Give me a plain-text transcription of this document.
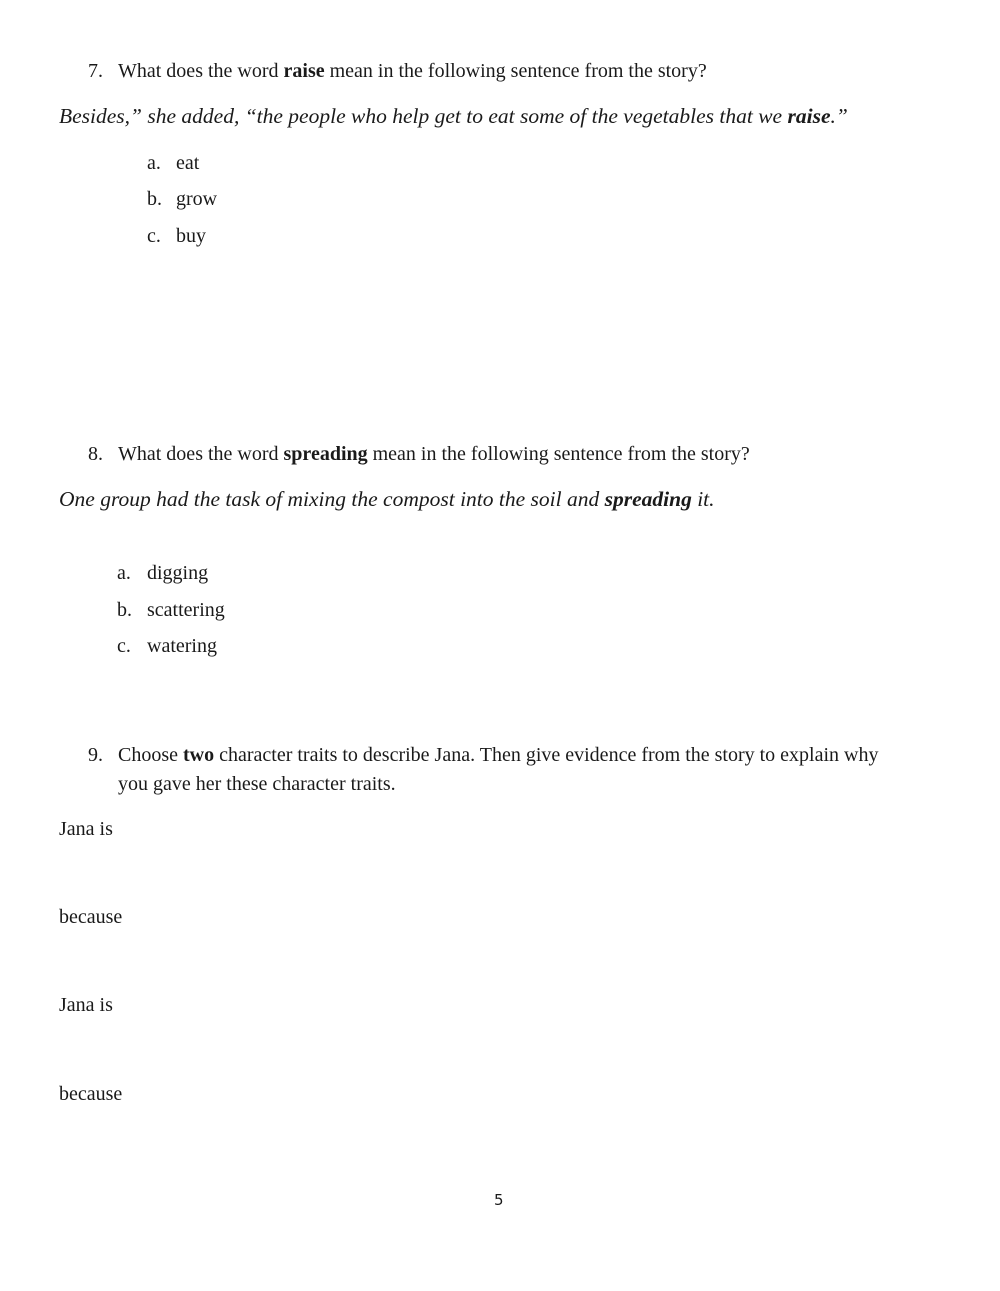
7. What does the word raise mean in the following sentence from the story?
Besides,” she added, “the people who help get to eat some of the vegetables that we raise.”
a. eat
b. grow
c. buy
8. What does the word spreading mean in the following sentence from the story?
One group had the task of mixing the compost into the soil and spreading it.
a. digging
b. scattering
c. watering
9. Choose two character traits to describe Jana. Then give evidence from the story to explain why
you gave her these character traits.
Jana is
because
Jana is
because
5
